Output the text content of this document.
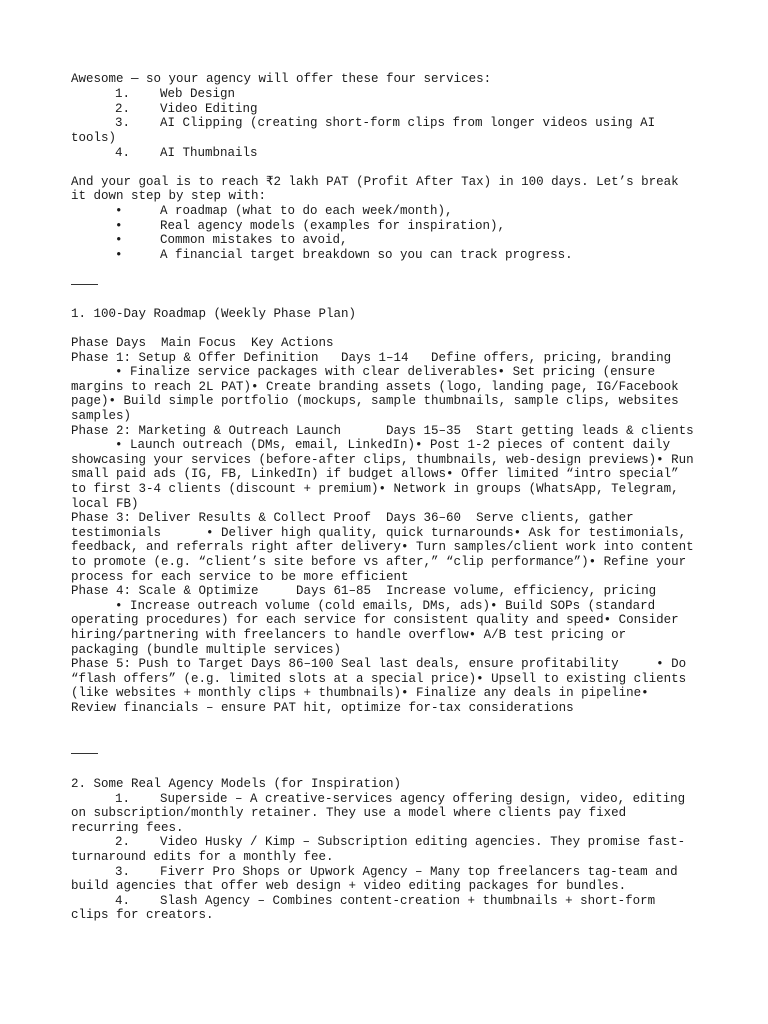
Awesome — so your agency will offer these four services:
1. Web Design
2. Video Editing
3. AI Clipping (creating short-form clips from longer videos using AI
tools)
4. AI Thumbnails
And your goal is to reach ₹2 lakh PAT (Profit After Tax) in 100 days. Let’s break
it down step by step with:
•	A roadmap (what to do each week/month),
•	Real agency models (examples for inspiration),
•	Common mistakes to avoid,
•	A financial target breakdown so you can track progress.
1. 100-Day Roadmap (Weekly Phase Plan)
Phase Days  Main Focus  Key Actions
Phase 1: Setup & Offer Definition   Days 1–14   Define offers, pricing, branding
• Finalize service packages with clear deliverables• Set pricing (ensure
margins to reach 2L PAT)• Create branding assets (logo, landing page, IG/Facebook
page)• Build simple portfolio (mockups, sample thumbnails, sample clips, websites
samples)
Phase 2: Marketing & Outreach Launch      Days 15–35  Start getting leads & clients
• Launch outreach (DMs, email, LinkedIn)• Post 1-2 pieces of content daily
showcasing your services (before-after clips, thumbnails, web-design previews)• Run
small paid ads (IG, FB, LinkedIn) if budget allows• Offer limited “intro special”
to first 3-4 clients (discount + premium)• Network in groups (WhatsApp, Telegram,
local FB)
Phase 3: Deliver Results & Collect Proof  Days 36–60  Serve clients, gather
testimonials      • Deliver high quality, quick turnarounds• Ask for testimonials,
feedback, and referrals right after delivery• Turn samples/client work into content
to promote (e.g. “client’s site before vs after,” “clip performance”)• Refine your
process for each service to be more efficient
Phase 4: Scale & Optimize     Days 61–85  Increase volume, efficiency, pricing
• Increase outreach volume (cold emails, DMs, ads)• Build SOPs (standard
operating procedures) for each service for consistent quality and speed• Consider
hiring/partnering with freelancers to handle overflow• A/B test pricing or
packaging (bundle multiple services)
Phase 5: Push to Target Days 86–100 Seal last deals, ensure profitability     • Do
“flash offers” (e.g. limited slots at a special price)• Upsell to existing clients
(like websites + monthly clips + thumbnails)• Finalize any deals in pipeline•
Review financials – ensure PAT hit, optimize for-tax considerations
2. Some Real Agency Models (for Inspiration)
1. Superside – A creative-services agency offering design, video, editing
on subscription/monthly retainer. They use a model where clients pay fixed
recurring fees.
2. Video Husky / Kimp – Subscription editing agencies. They promise fast-
turnaround edits for a monthly fee.
3. Fiverr Pro Shops or Upwork Agency – Many top freelancers tag-team and
build agencies that offer web design + video editing packages for bundles.
4. Slash Agency – Combines content-creation + thumbnails + short-form
clips for creators.
